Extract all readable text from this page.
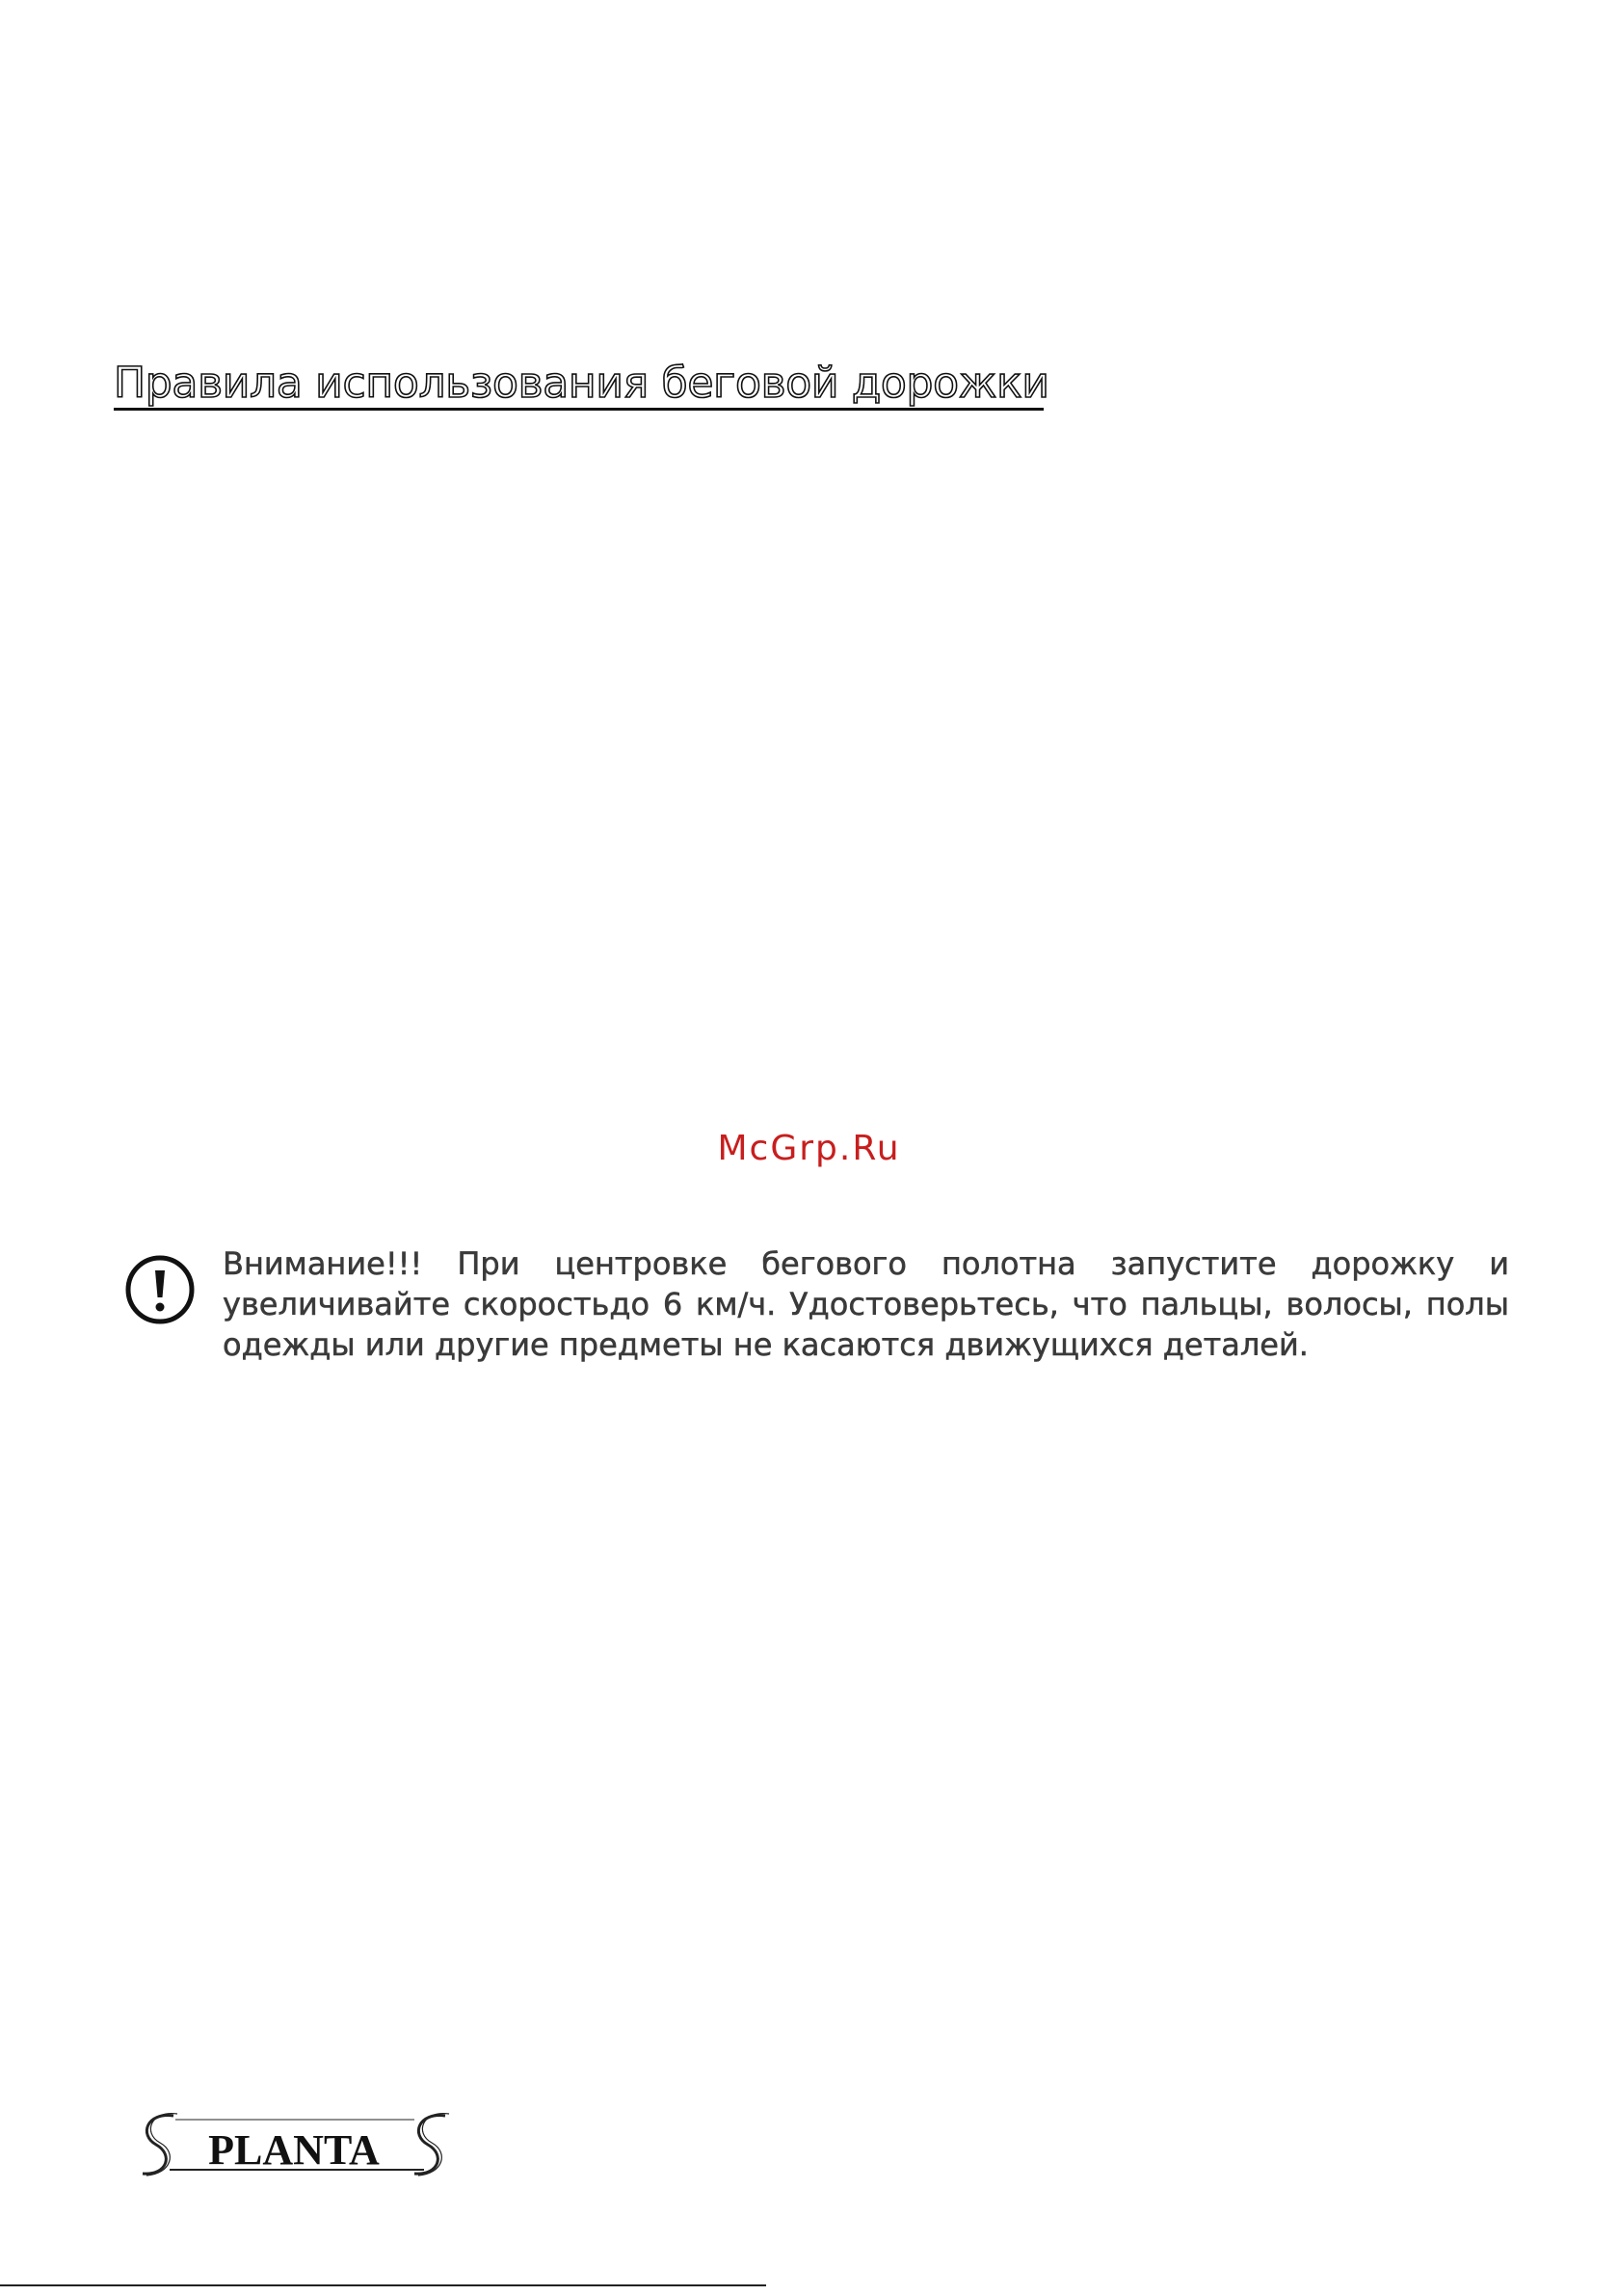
Правила использования беговой дорожки
McGrp.Ru

Внимание!!! При центровке бегового полотна запустите дорожку и увеличивайте скоростьдо 6 км/ч. Удостоверьтесь, что пальцы, волосы, полы одежды или другие предметы не касаются движущихся деталей.

PLANTA
